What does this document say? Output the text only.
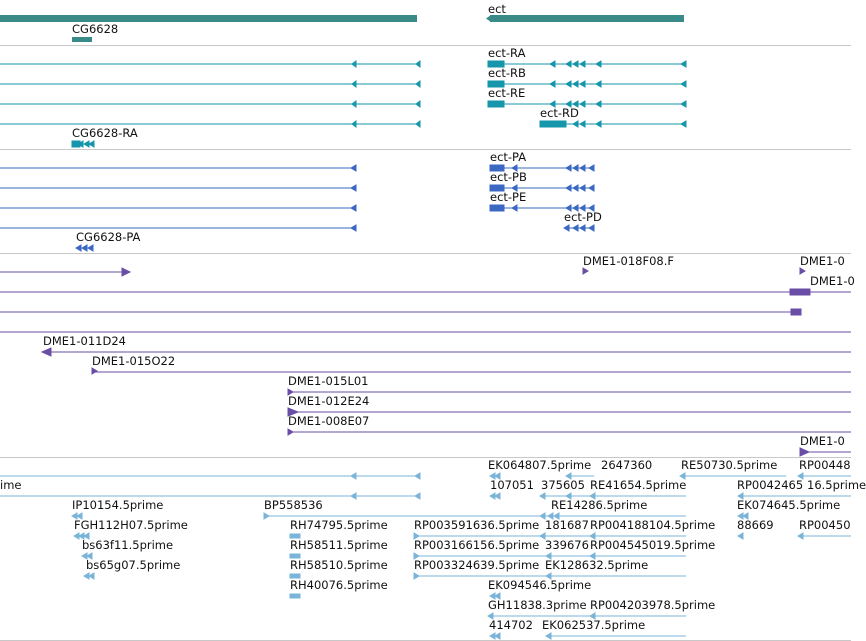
ect
CG6628
ect-RA
ect-RB
ect-RE
ect-RD
CG6628-RA
ect-PA
ect-PB
ect-PE
ect-PD
CG6628-PA
DME1-018F08.F	DME1-0
DME1-0
DME1-011D24
DME1-015O22
DME1-015L01
DME1-012E24
DME1-008E07
DME1-0
ime
IP10154.5prime
FGH112H07.5prime
bs63f11.5prime
bs65g07.5prime
BP558536
RH74795.5prime
RH58511.5prime
RH58510.5prime
RH40076.5prime
RP003591636.5prime
RP003166156.5prime
RP003324639.5prime
EK064807.5prime 2647360	RE50730.5prime RP00448
107051 375605 RE41654.5prime	RP0042465 16.5prime
RE14286.5prime	EK074645.5prime
181687 RP004188104.5prime 88669 RP00450
339676 RP004545019.5prime
EK128632.5prime
EK094546.5prime
GH11838.3prime RP004203978.5prime
414702 EK062537.5prime
